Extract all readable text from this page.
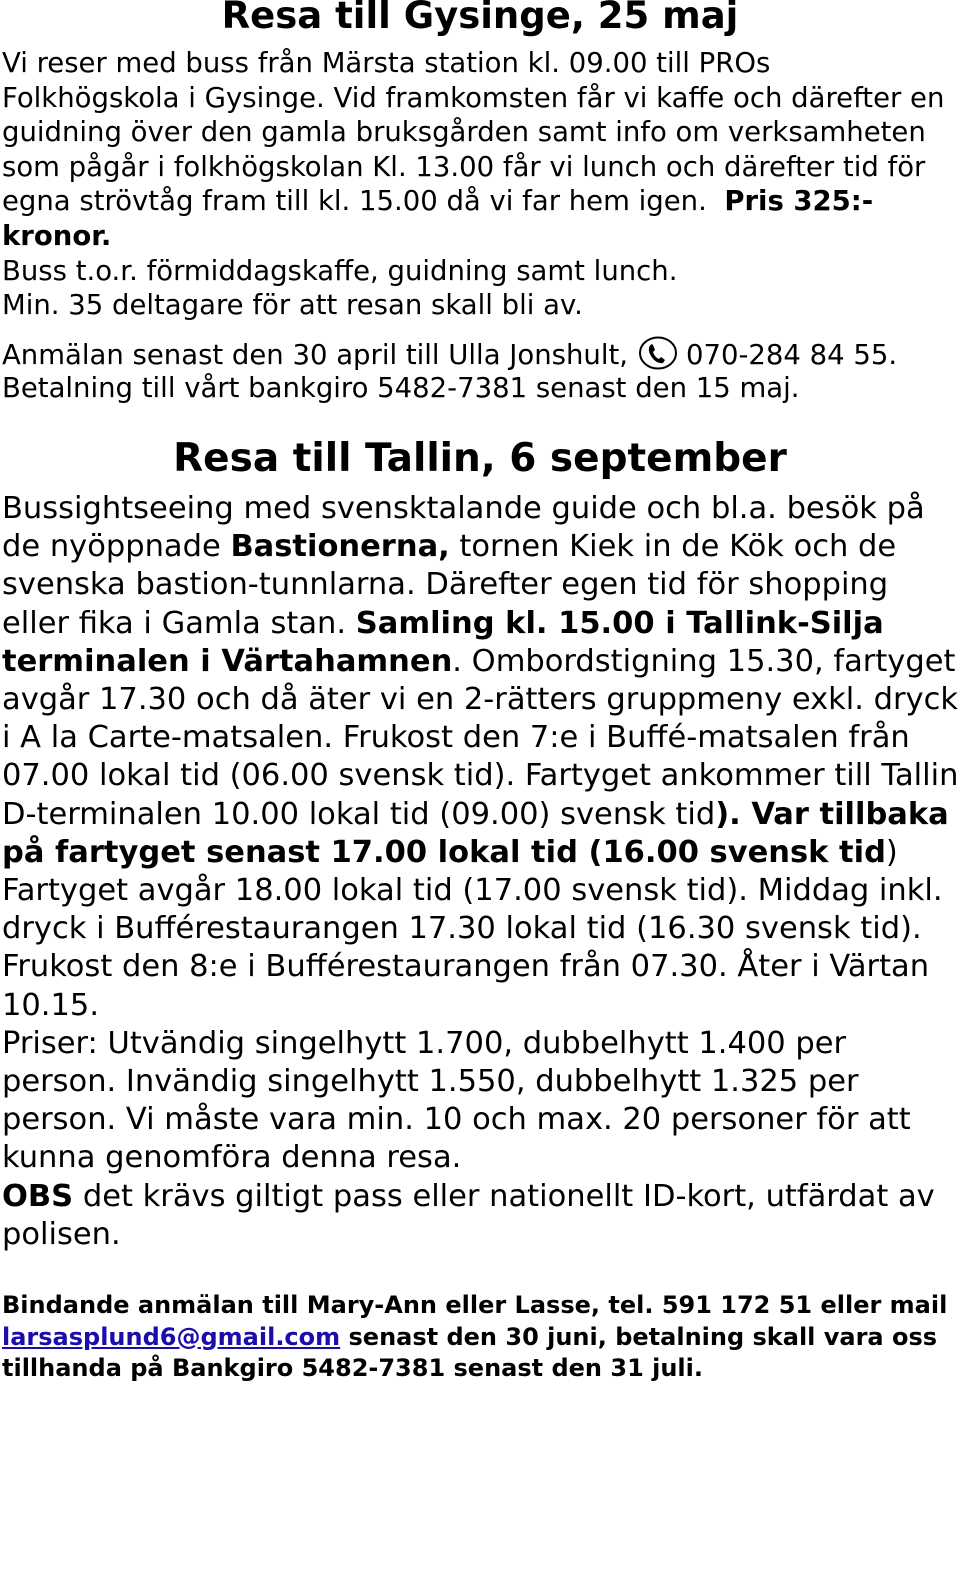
Resa till Gysinge, 25 maj

Vi reser med buss från Märsta station kl. 09.00 till PROs Folkhögskola i Gysinge. Vid framkomsten får vi kaffe och därefter en guidning över den gamla bruksgården samt info om verksamheten som pågår i folkhögskolan Kl. 13.00 får vi lunch och därefter tid för egna strövtåg fram till kl. 15.00 då vi far hem igen. Pris 325:- kronor.

Buss t.o.r. förmiddagskaffe, guidning samt lunch.

Min. 35 deltagare för att resan skall bli av.

Anmälan senast den 30 april till Ulla Jonshult, 070-284 84 55.

Betalning till vårt bankgiro 5482-7381 senast den 15 maj.

Resa till Tallin, 6 september

Bussightseeing med svensktalande guide och bl.a. besök på de nyöppnade Bastionerna, tornen Kiek in de Kök och de svenska bastion-tunnlarna. Därefter egen tid för shopping eller fika i Gamla stan. Samling kl. 15.00 i Tallink-Silja terminalen i Värtahamnen. Ombordstigning 15.30, fartyget avgår 17.30 och då äter vi en 2-rätters gruppmeny exkl. dryck i A la Carte-matsalen. Frukost den 7:e i Buffé-matsalen från 07.00 lokal tid (06.00 svensk tid). Fartyget ankommer till Tallin D-terminalen 10.00 lokal tid (09.00) svensk tid). Var tillbaka på fartyget senast 17.00 lokal tid (16.00 svensk tid) Fartyget avgår 18.00 lokal tid (17.00 svensk tid). Middag inkl. dryck i Bufférestaurangen 17.30 lokal tid (16.30 svensk tid). Frukost den 8:e i Bufférestaurangen från 07.30. Åter i Värtan 10.15.

Priser: Utvändig singelhytt 1.700, dubbelhytt 1.400 per person. Invändig singelhytt 1.550, dubbelhytt 1.325 per person. Vi måste vara min. 10 och max. 20 personer för att kunna genomföra denna resa.

OBS det krävs giltigt pass eller nationellt ID-kort, utfärdat av polisen.

Bindande anmälan till Mary-Ann eller Lasse, tel. 591 172 51 eller mail larsasplund6@gmail.com senast den 30 juni, betalning skall vara oss tillhanda på Bankgiro 5482-7381 senast den 31 juli.
